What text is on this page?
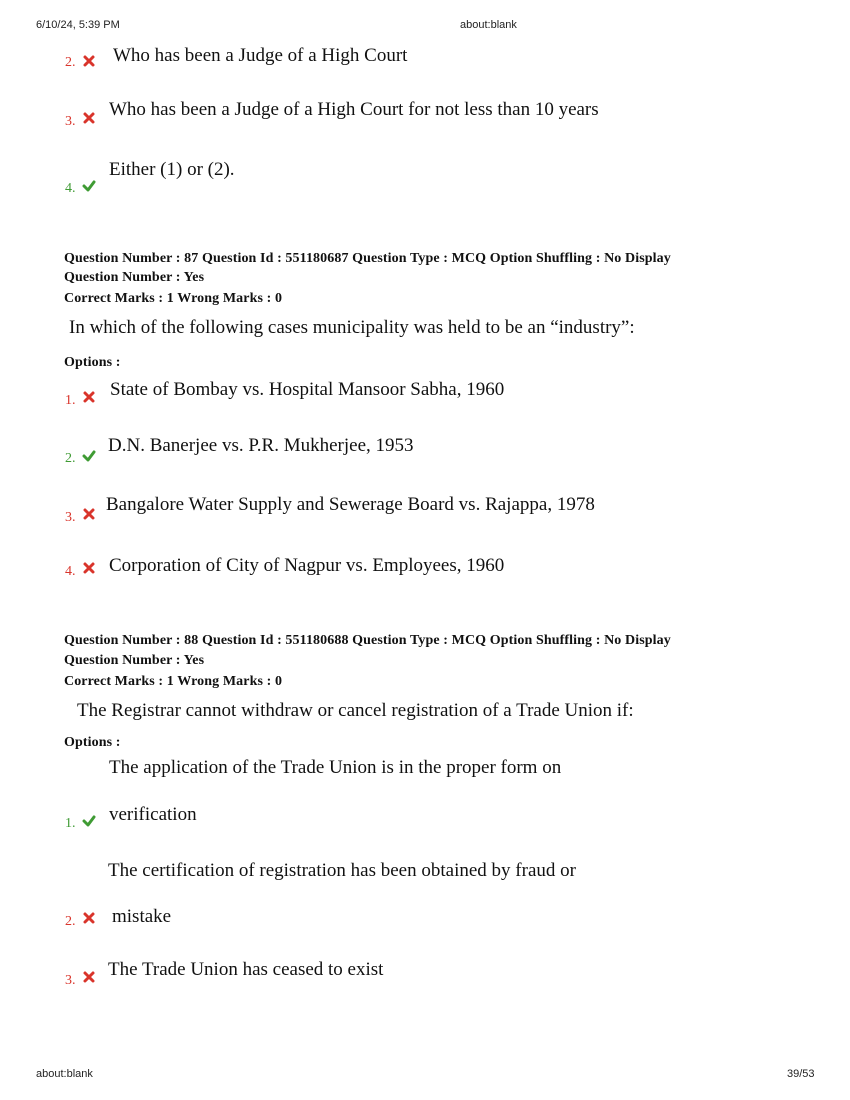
6/10/24, 5:39 PM	about:blank
2. Who has been a Judge of a High Court
3.
Who has been a Judge of a High Court for not less than 10 years
4.
Either (1) or (2).
Question Number : 87 Question Id : 551180687 Question Type : MCQ Option Shuffling : No Display
Question Number : Yes
Correct Marks : 1 Wrong Marks : 0
In which of the following cases municipality was held to be an “industry”:
Options :
1.
State of Bombay vs. Hospital Mansoor Sabha, 1960
2.
D.N. Banerjee vs. P.R. Mukherjee, 1953
3.
Bangalore Water Supply and Sewerage Board vs. Rajappa, 1978
4. Corporation of City of Nagpur vs. Employees, 1960
Question Number : 88 Question Id : 551180688 Question Type : MCQ Option Shuffling : No Display
Question Number : Yes
Correct Marks : 1 Wrong Marks : 0
The Registrar cannot withdraw or cancel registration of a Trade Union if:
Options :
The application of the Trade Union is in the proper form on
1. verification
The certification of registration has been obtained by fraud or
2. mistake
3.
The Trade Union has ceased to exist
about:blank	39/53
